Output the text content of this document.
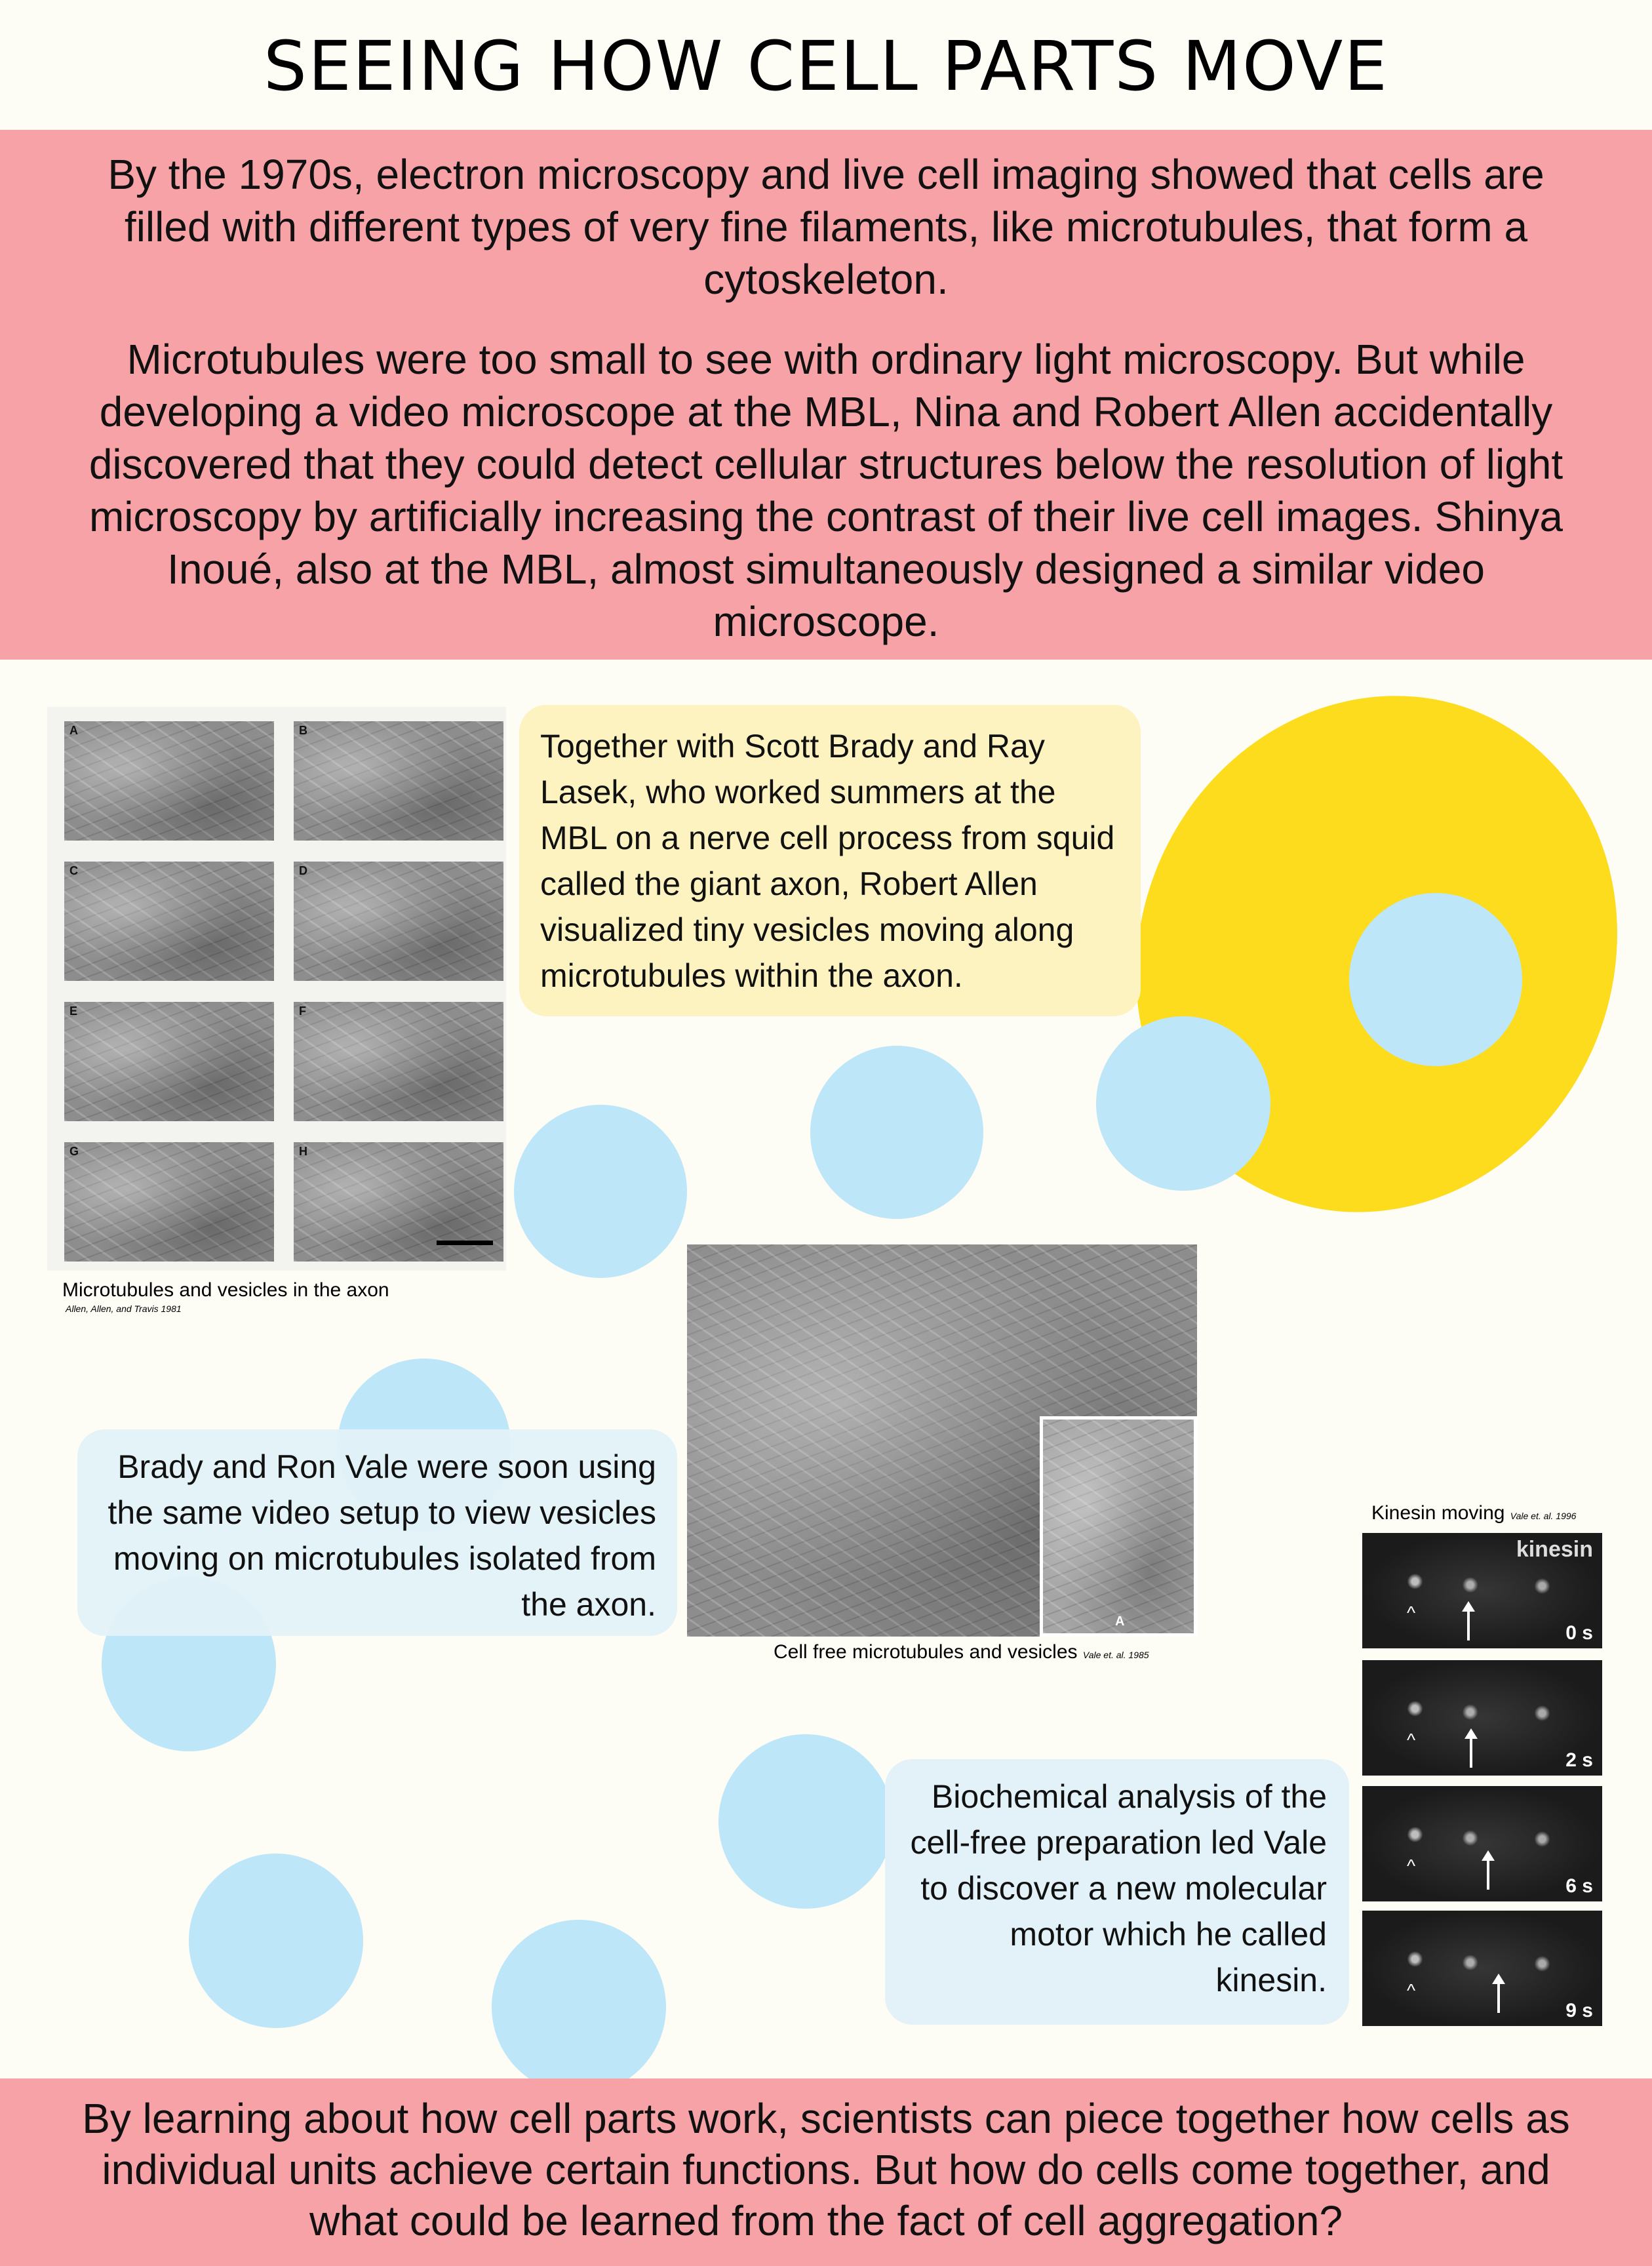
SEEING HOW CELL PARTS MOVE

By the 1970s, electron microscopy and live cell imaging showed that cells are filled with different types of very fine filaments, like microtubules, that form a cytoskeleton.

Microtubules were too small to see with ordinary light microscopy. But while developing a video microscope at the MBL, Nina and Robert Allen accidentally discovered that they could detect cellular structures below the resolution of light microscopy by artificially increasing the contrast of their live cell images. Shinya Inoué, also at the MBL, almost simultaneously designed a similar video microscope.

A	B
C	D
E	F
G	H
Microtubules and vesicles in the axon
Allen, Allen, and Travis 1981
Together with Scott Brady and Ray Lasek, who worked summers at the MBL on a nerve cell process from squid called the giant axon, Robert Allen visualized tiny vesicles moving along microtubules within the axon.
A
Cell free microtubules and vesicles Vale et. al. 1985
Brady and Ron Vale were soon using the same video setup to view vesicles moving on microtubules isolated from the axon.
Kinesin moving Vale et. al. 1996
kinesin
^
0 s
^
2 s
^
6 s
^
9 s
Biochemical analysis of the cell-free preparation led Vale to discover a new molecular motor which he called kinesin.

By learning about how cell parts work, scientists can piece together how cells as individual units achieve certain functions. But how do cells come together, and what could be learned from the fact of cell aggregation?
